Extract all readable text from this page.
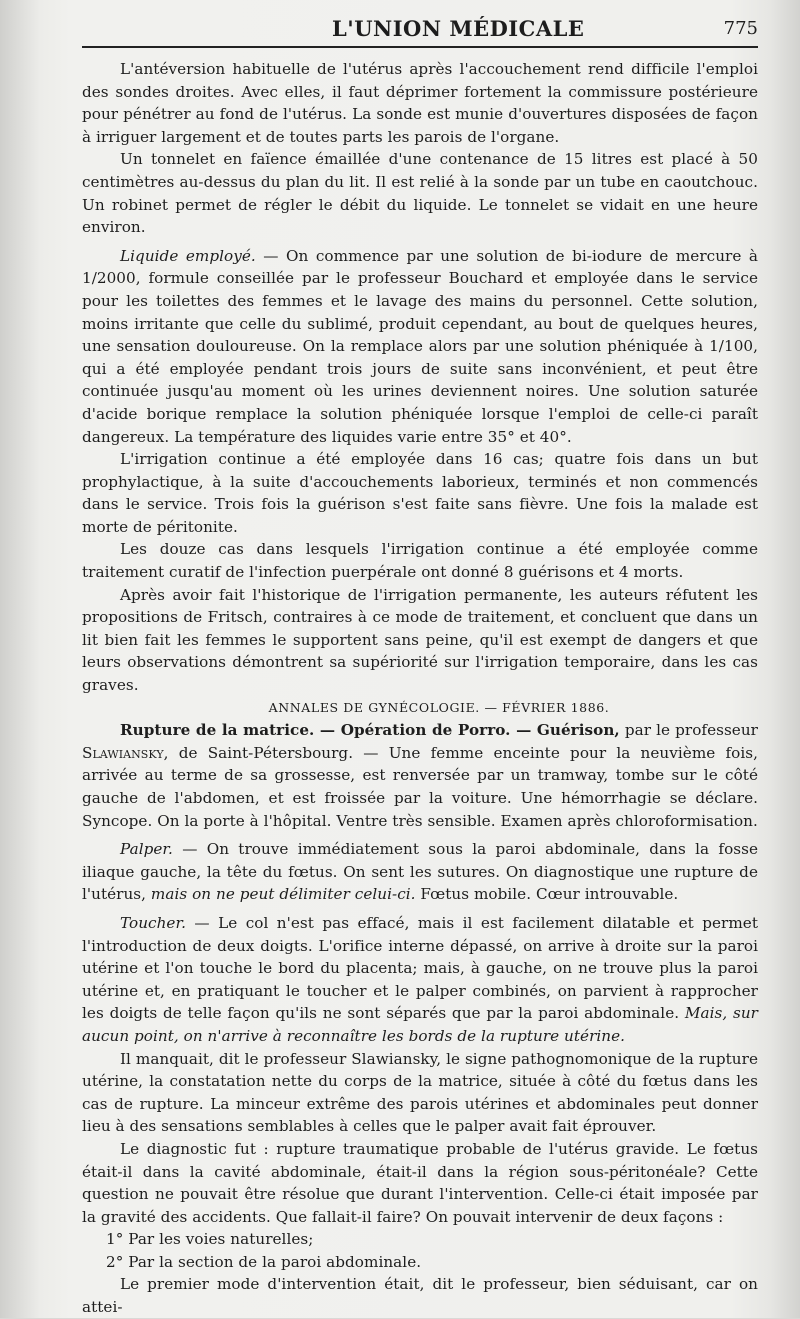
L'UNION MÉDICALE	775

L'antéversion habituelle de l'utérus après l'accouchement rend difficile l'emploi des sondes droites. Avec elles, il faut déprimer fortement la commissure postérieure pour pénétrer au fond de l'utérus. La sonde est munie d'ouvertures disposées de façon à irriguer largement et de toutes parts les parois de l'organe.

Un tonnelet en faïence émaillée d'une contenance de 15 litres est placé à 50 centimètres au-dessus du plan du lit. Il est relié à la sonde par un tube en caoutchouc. Un robinet permet de régler le débit du liquide. Le tonnelet se vidait en une heure environ.

Liquide employé. — On commence par une solution de bi-iodure de mercure à 1/2000, formule conseillée par le professeur Bouchard et employée dans le service pour les toilettes des femmes et le lavage des mains du personnel. Cette solution, moins irritante que celle du sublimé, produit cependant, au bout de quelques heures, une sensation douloureuse. On la remplace alors par une solution phéniquée à 1/100, qui a été employée pendant trois jours de suite sans inconvénient, et peut être continuée jusqu'au moment où les urines deviennent noires. Une solution saturée d'acide borique remplace la solution phéniquée lorsque l'emploi de celle-ci paraît dangereux. La température des liquides varie entre 35° et 40°.

L'irrigation continue a été employée dans 16 cas; quatre fois dans un but prophylactique, à la suite d'accouchements laborieux, terminés et non commencés dans le service. Trois fois la guérison s'est faite sans fièvre. Une fois la malade est morte de péritonite.

Les douze cas dans lesquels l'irrigation continue a été employée comme traitement curatif de l'infection puerpérale ont donné 8 guérisons et 4 morts.

Après avoir fait l'historique de l'irrigation permanente, les auteurs réfutent les propositions de Fritsch, contraires à ce mode de traitement, et concluent que dans un lit bien fait les femmes le supportent sans peine, qu'il est exempt de dangers et que leurs observations démontrent sa supériorité sur l'irrigation temporaire, dans les cas graves.

ANNALES DE GYNÉCOLOGIE. — FÉVRIER 1886.

Rupture de la matrice. — Opération de Porro. — Guérison, par le professeur Slawiansky, de Saint-Pétersbourg. — Une femme enceinte pour la neuvième fois, arrivée au terme de sa grossesse, est renversée par un tramway, tombe sur le côté gauche de l'abdomen, et est froissée par la voiture. Une hémorrhagie se déclare. Syncope. On la porte à l'hôpital. Ventre très sensible. Examen après chloroformisation.

Palper. — On trouve immédiatement sous la paroi abdominale, dans la fosse iliaque gauche, la tête du fœtus. On sent les sutures. On diagnostique une rupture de l'utérus, mais on ne peut délimiter celui-ci. Fœtus mobile. Cœur introuvable.

Toucher. — Le col n'est pas effacé, mais il est facilement dilatable et permet l'introduction de deux doigts. L'orifice interne dépassé, on arrive à droite sur la paroi utérine et l'on touche le bord du placenta; mais, à gauche, on ne trouve plus la paroi utérine et, en pratiquant le toucher et le palper combinés, on parvient à rapprocher les doigts de telle façon qu'ils ne sont séparés que par la paroi abdominale. Mais, sur aucun point, on n'arrive à reconnaître les bords de la rupture utérine.

Il manquait, dit le professeur Slawiansky, le signe pathognomonique de la rupture utérine, la constatation nette du corps de la matrice, située à côté du fœtus dans les cas de rupture. La minceur extrême des parois utérines et abdominales peut donner lieu à des sensations semblables à celles que le palper avait fait éprouver.

Le diagnostic fut : rupture traumatique probable de l'utérus gravide. Le fœtus était-il dans la cavité abdominale, était-il dans la région sous-péritonéale? Cette question ne pouvait être résolue que durant l'intervention. Celle-ci était imposée par la gravité des accidents. Que fallait-il faire? On pouvait intervenir de deux façons :

1° Par les voies naturelles;

2° Par la section de la paroi abdominale.

Le premier mode d'intervention était, dit le professeur, bien séduisant, car on attei-
